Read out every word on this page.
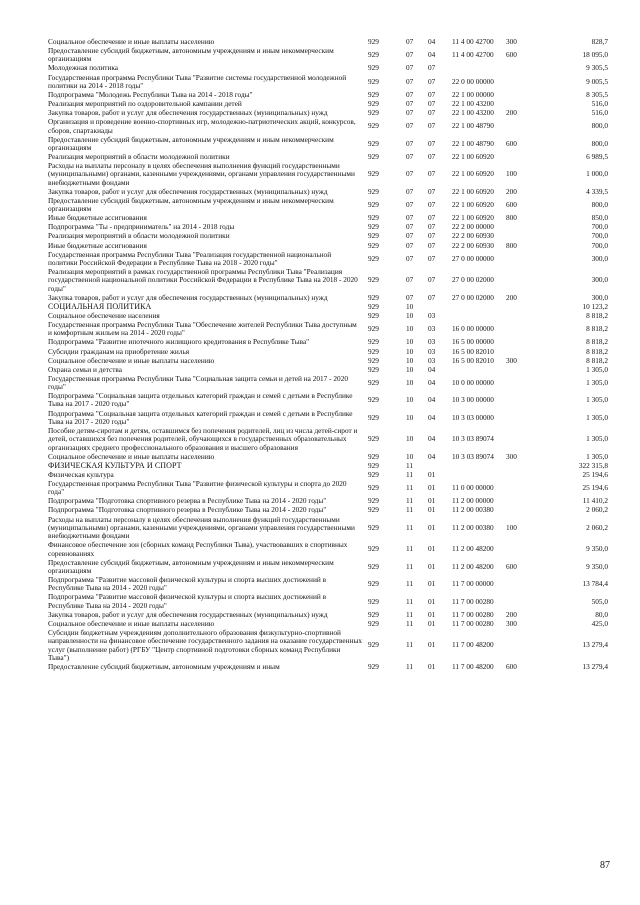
Социальное обеспечение и иные выплаты населению	929	07	04	11 4 00 42700	300	828,7
Предоставление субсидий бюджетным, автономным учреждениям и иным некоммерческим организациям	929	07	04	11 4 00 42700	600	18 095,0
Молодежная политика	929	07	07			9 305,5
Государственная программа Республики Тыва "Развитие системы государственной молодежной политики на 2014 - 2018 годы"	929	07	07	22 0 00 00000		9 005,5
Подпрограмма "Молодежь Республики Тыва на 2014 - 2018 годы"	929	07	07	22 1 00 00000		8 305,5
Реализация мероприятий по оздоровительной кампании детей	929	07	07	22 1 00 43200		516,0
Закупка товаров, работ и услуг для обеспечения государственных (муниципальных) нужд	929	07	07	22 1 00 43200	200	516,0
Организация и проведение военно-спортивных игр, молодежно-патриотических акций, конкурсов, сборов, спартакиады	929	07	07	22 1 00 48790		800,0
Предоставление субсидий бюджетным, автономным учреждениям и иным некоммерческим организациям	929	07	07	22 1 00 48790	600	800,0
Реализация мероприятий в области молодежной политики	929	07	07	22 1 00 60920		6 989,5
Расходы на выплаты персоналу в целях обеспечения выполнения функций государственными (муниципальными) органами, казенными учреждениями, органами управления государственными внебюджетными фондами	929	07	07	22 1 00 60920	100	1 000,0
Закупка товаров, работ и услуг для обеспечения государственных (муниципальных) нужд	929	07	07	22 1 00 60920	200	4 339,5
Предоставление субсидий бюджетным, автономным учреждениям и иным некоммерческим организациям	929	07	07	22 1 00 60920	600	800,0
Иные бюджетные ассигнования	929	07	07	22 1 00 60920	800	850,0
Подпрограмма "Ты - предприниматель" на 2014 - 2018 годы	929	07	07	22 2 00 00000		700,0
Реализация мероприятий в области молодежной политики	929	07	07	22 2 00 60930		700,0
Иные бюджетные ассигнования	929	07	07	22 2 00 60930	800	700,0
Государственная программа Республики Тыва "Реализация государственной национальной политики Российской Федерации в Республике Тыва на 2018 - 2020 годы"	929	07	07	27 0 00 00000		300,0
Реализация мероприятий в рамках государственной программы Республики Тыва "Реализация государственной национальной политики Российской Федерации в Республике Тыва на 2018 - 2020 годы"	929	07	07	27 0 00 02000		300,0
Закупка товаров, работ и услуг для обеспечения государственных (муниципальных) нужд	929	07	07	27 0 00 02000	200	300,0
СОЦИАЛЬНАЯ ПОЛИТИКА	929	10				10 123,2
Социальное обеспечение населения	929	10	03			8 818,2
Государственная программа Республики Тыва "Обеспечение жителей Республики Тыва доступным и комфортным жильем на 2014 - 2020 годы"	929	10	03	16 0 00 00000		8 818,2
Подпрограмма "Развитие ипотечного жилищного кредитования в Республике Тыва"	929	10	03	16 5 00 00000		8 818,2
Субсидии гражданам на приобретение жилья	929	10	03	16 5 00 82010		8 818,2
Социальное обеспечение и иные выплаты населению	929	10	03	16 5 00 82010	300	8 818,2
Охрана семьи и детства	929	10	04			1 305,0
Государственная программа Республики Тыва "Социальная защита семьи и детей на 2017 - 2020 годы"	929	10	04	10 0 00 00000		1 305,0
Подпрограмма "Социальная защита отдельных категорий граждан и семей с детьми в Республике Тыва на 2017 - 2020 годы"	929	10	04	10 3 00 00000		1 305,0
Подпрограмма "Социальная защита отдельных категорий граждан и семей с детьми в Республике Тыва на 2017 - 2020 годы"	929	10	04	10 3 03 00000		1 305,0
Пособие детям-сиротам и детям, оставшимся без попечения родителей, лиц из числа детей-сирот и детей, оставшихся без попечения родителей, обучающихся в государственных образовательных организациях среднего профессионального образования и высшего образования	929	10	04	10 3 03 89074		1 305,0
Социальное обеспечение и иные выплаты населению	929	10	04	10 3 03 89074	300	1 305,0
ФИЗИЧЕСКАЯ КУЛЬТУРА И СПОРТ	929	11				322 315,8
Физическая культура	929	11	01			25 194,6
Государственная программа Республики Тыва "Развитие физической культуры и спорта до 2020 года"	929	11	01	11 0 00 00000		25 194,6
Подпрограмма "Подготовка спортивного резерва в Республике Тыва на 2014 - 2020 годы"	929	11	01	11 2 00 00000		11 410,2
Подпрограмма "Подготовка спортивного резерва в Республике Тыва на 2014 - 2020 годы"	929	11	01	11 2 00 00380		2 060,2
Расходы на выплаты персоналу в целях обеспечения выполнения функций государственными (муниципальными) органами, казенными учреждениями, органами управления государственными внебюджетными фондами	929	11	01	11 2 00 00380	100	2 060,2
Финансовое обеспечение зон (сборных команд Республики Тыва), участвовавших в спортивных соревнованиях	929	11	01	11 2 00 48200		9 350,0
Предоставление субсидий бюджетным, автономным учреждениям и иным некоммерческим организациям	929	11	01	11 2 00 48200	600	9 350,0
Подпрограмма "Развитие массовой физической культуры и спорта высших достижений в Республике Тыва на 2014 - 2020 годы"	929	11	01	11 7 00 00000		13 784,4
Подпрограмма "Развитие массовой физической культуры и спорта высших достижений в Республике Тыва на 2014 - 2020 годы"	929	11	01	11 7 00 00280		505,0
Закупка товаров, работ и услуг для обеспечения государственных (муниципальных) нужд	929	11	01	11 7 00 00280	200	80,0
Социальное обеспечение и иные выплаты населению	929	11	01	11 7 00 00280	300	425,0
Субсидии бюджетным учреждениям дополнительного образования физкультурно-спортивной направленности на финансовое обеспечение государственного задания на оказание государственных услуг (выполнение работ) (РГБУ "Центр спортивной подготовки сборных команд Республики Тыва")	929	11	01	11 7 00 48200		13 279,4
Предоставление субсидий бюджетным, автономным учреждениям и иным	929	11	01	11 7 00 48200	600	13 279,4
87
